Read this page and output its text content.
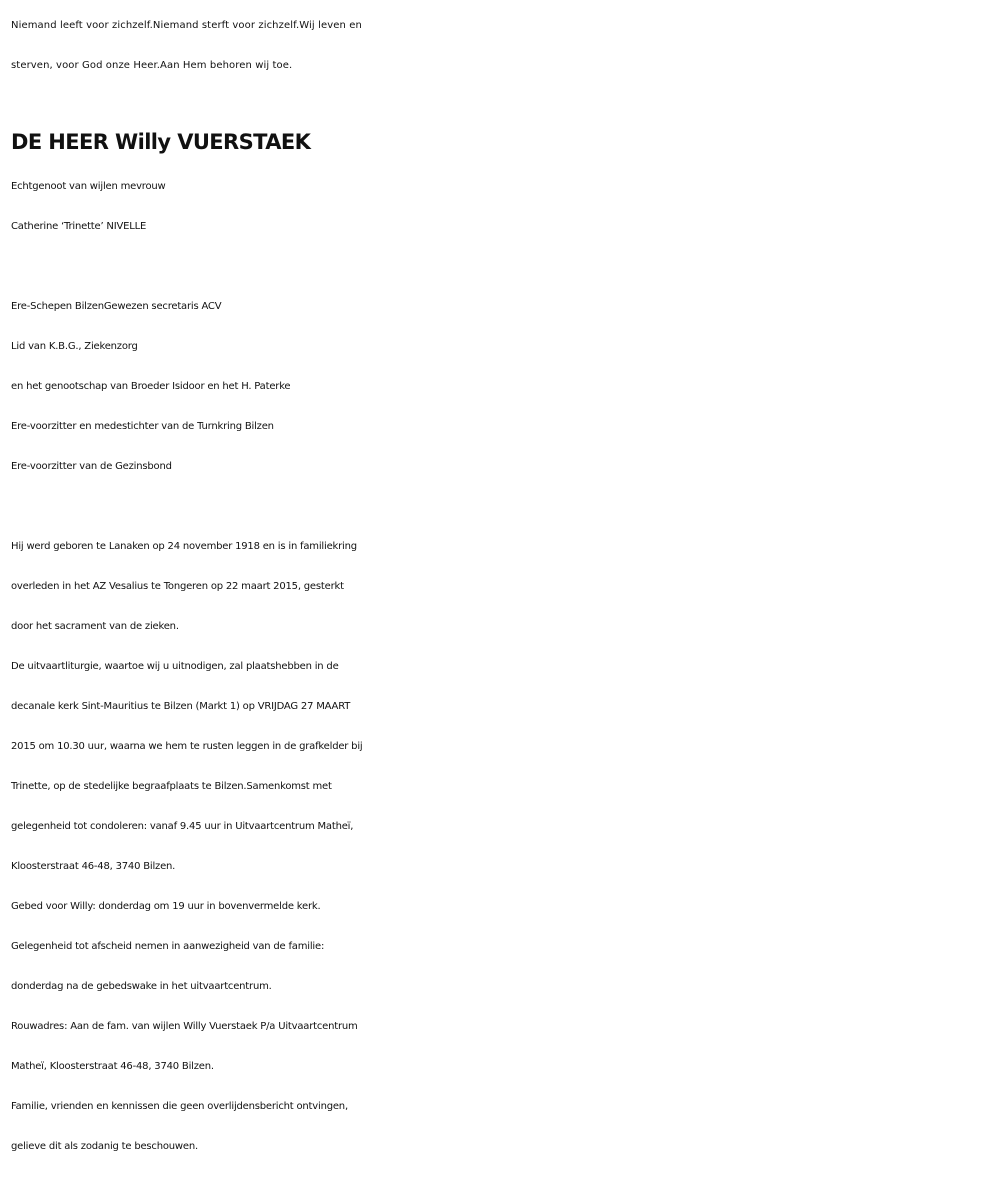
Niemand leeft voor zichzelf.Niemand sterft voor zichzelf.Wij leven en
sterven, voor God onze Heer.Aan Hem behoren wij toe.
DE HEER Willy VUERSTAEK
Echtgenoot van wijlen mevrouw
Catherine ‘Trinette’ NIVELLE
Ere-Schepen BilzenGewezen secretaris ACV
Lid van K.B.G., Ziekenzorg
en het genootschap van Broeder Isidoor en het H. Paterke
Ere-voorzitter en medestichter van de Turnkring Bilzen
Ere-voorzitter van de Gezinsbond
Hij werd geboren te Lanaken op 24 november 1918 en is in familiekring
overleden in het AZ Vesalius te Tongeren op 22 maart 2015, gesterkt
door het sacrament van de zieken.
De uitvaartliturgie, waartoe wij u uitnodigen, zal plaatshebben in de
decanale kerk Sint-Mauritius te Bilzen (Markt 1) op VRIJDAG 27 MAART
2015 om 10.30 uur, waarna we hem te rusten leggen in de grafkelder bij
Trinette, op de stedelijke begraafplaats te Bilzen.Samenkomst met
gelegenheid tot condoleren: vanaf 9.45 uur in Uitvaartcentrum Matheï,
Kloosterstraat 46-48, 3740 Bilzen.
Gebed voor Willy: donderdag om 19 uur in bovenvermelde kerk.
Gelegenheid tot afscheid nemen in aanwezigheid van de familie:
donderdag na de gebedswake in het uitvaartcentrum.
Rouwadres: Aan de fam. van wijlen Willy Vuerstaek P/a Uitvaartcentrum
Matheï, Kloosterstraat 46-48, 3740 Bilzen.
Familie, vrienden en kennissen die geen overlijdensbericht ontvingen,
gelieve dit als zodanig te beschouwen.
